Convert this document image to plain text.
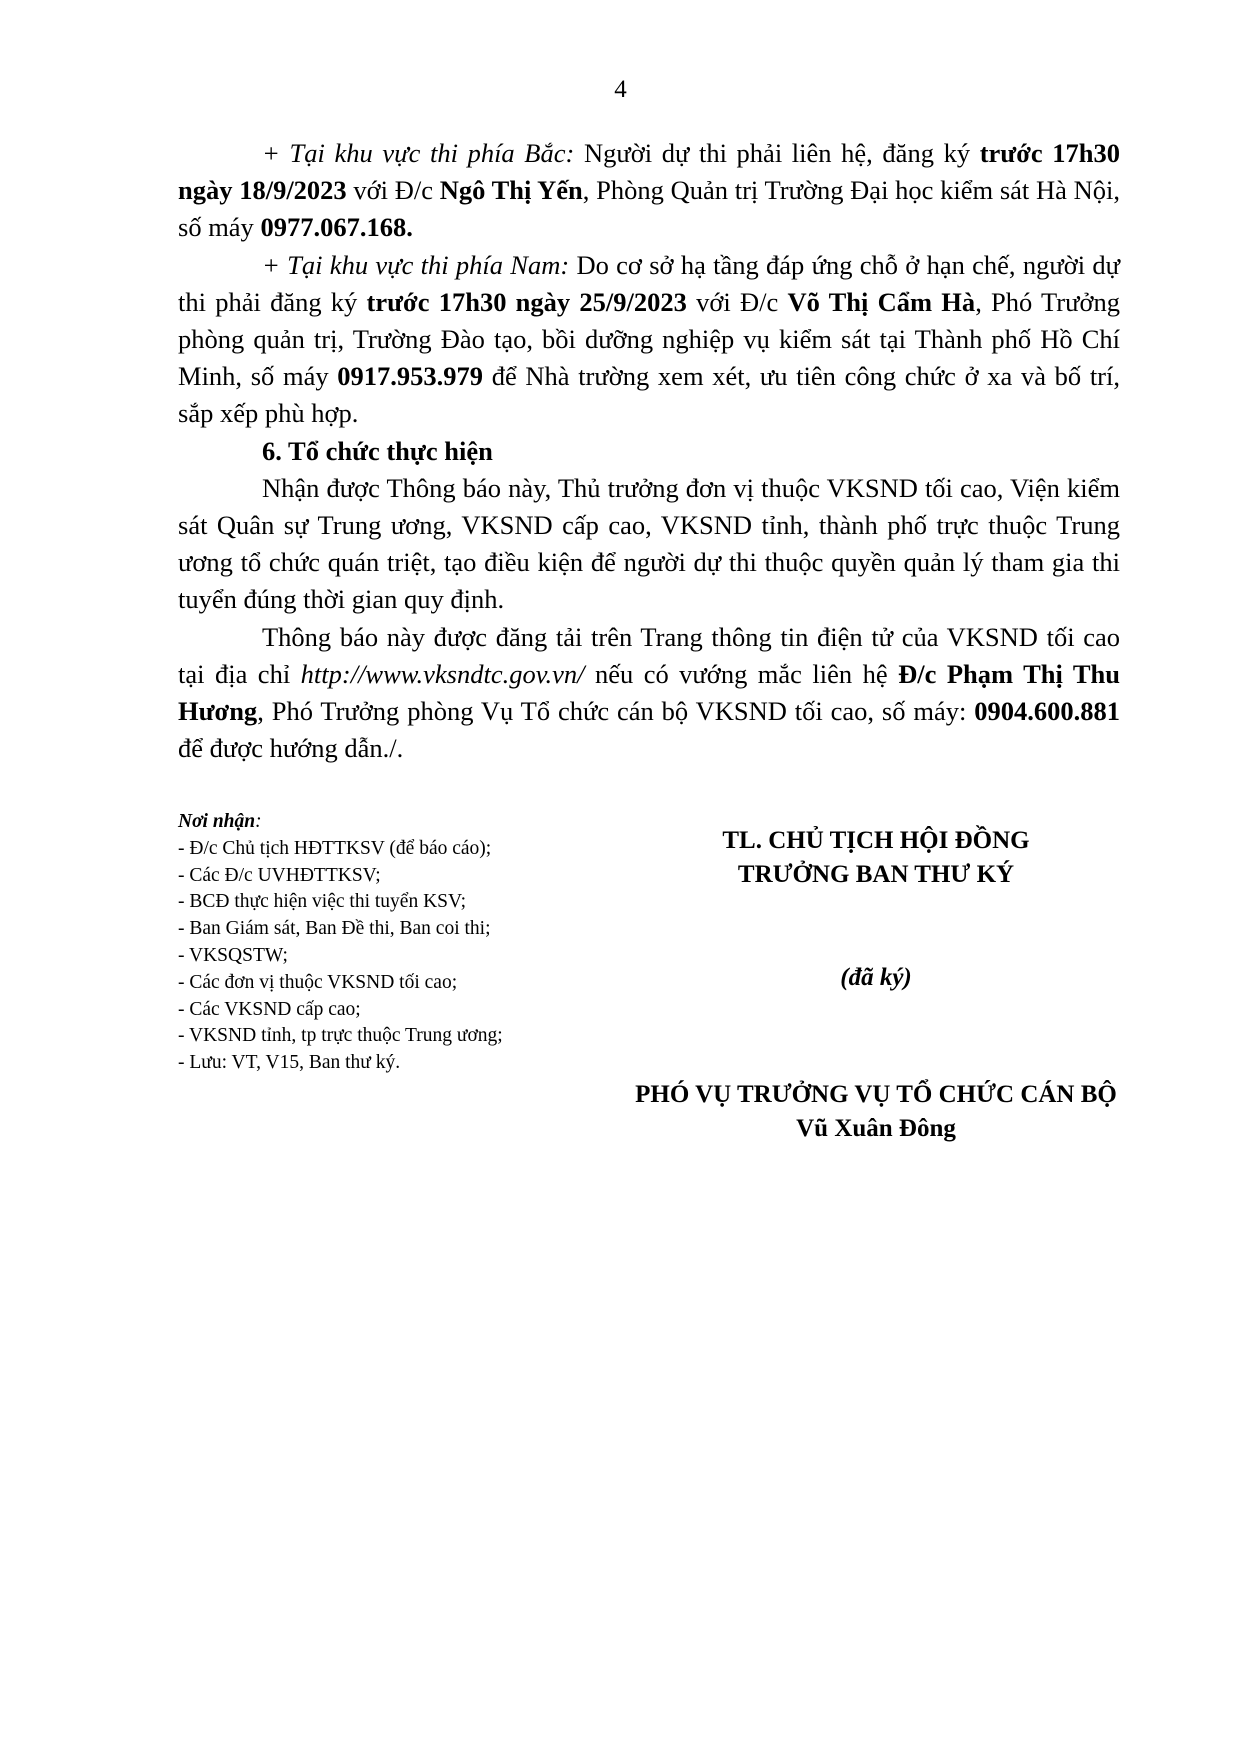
4

+ Tại khu vực thi phía Bắc: Người dự thi phải liên hệ, đăng ký trước 17h30 ngày 18/9/2023 với Đ/c Ngô Thị Yến, Phòng Quản trị Trường Đại học kiểm sát Hà Nội, số máy 0977.067.168.

+ Tại khu vực thi phía Nam: Do cơ sở hạ tầng đáp ứng chỗ ở hạn chế, người dự thi phải đăng ký trước 17h30 ngày 25/9/2023 với Đ/c Võ Thị Cẩm Hà, Phó Trưởng phòng quản trị, Trường Đào tạo, bồi dưỡng nghiệp vụ kiểm sát tại Thành phố Hồ Chí Minh, số máy 0917.953.979 để Nhà trường xem xét, ưu tiên công chức ở xa và bố trí, sắp xếp phù hợp.

6. Tổ chức thực hiện

Nhận được Thông báo này, Thủ trưởng đơn vị thuộc VKSND tối cao, Viện kiểm sát Quân sự Trung ương, VKSND cấp cao, VKSND tỉnh, thành phố trực thuộc Trung ương tổ chức quán triệt, tạo điều kiện để người dự thi thuộc quyền quản lý tham gia thi tuyển đúng thời gian quy định.

Thông báo này được đăng tải trên Trang thông tin điện tử của VKSND tối cao tại địa chỉ http://www.vksndtc.gov.vn/ nếu có vướng mắc liên hệ Đ/c Phạm Thị Thu Hương, Phó Trưởng phòng Vụ Tổ chức cán bộ VKSND tối cao, số máy: 0904.600.881 để được hướng dẫn./.

Nơi nhận:
- Đ/c Chủ tịch HĐTTKSV (để báo cáo);
- Các Đ/c UVHĐTTKSV;
- BCĐ thực hiện việc thi tuyển KSV;
- Ban Giám sát, Ban Đề thi, Ban coi thi;
- VKSQSTW;
- Các đơn vị thuộc VKSND tối cao;
- Các VKSND cấp cao;
- VKSND tỉnh, tp trực thuộc Trung ương;
- Lưu: VT, V15, Ban thư ký.
TL. CHỦ TỊCH HỘI ĐỒNG
TRƯỞNG BAN THƯ KÝ
(đã ký)
PHÓ VỤ TRƯỞNG VỤ TỔ CHỨC CÁN BỘ
Vũ Xuân Đông
